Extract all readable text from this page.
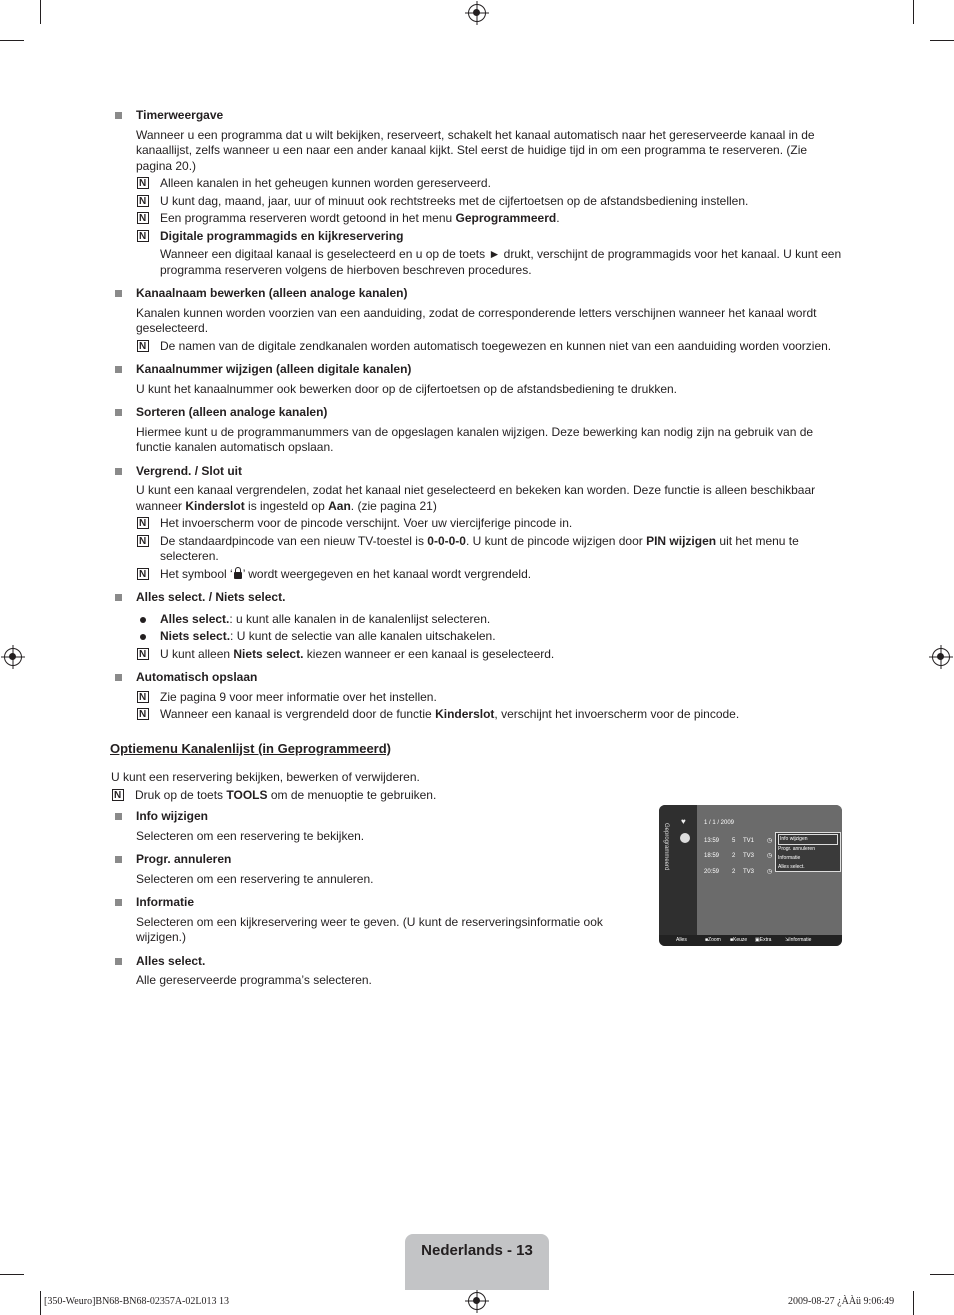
Timerweergave
Wanneer u een programma dat u wilt bekijken, reserveert, schakelt het kanaal automatisch naar het gereserveerde kanaal in de kanaallijst, zelfs wanneer u een naar een ander kanaal kijkt. Stel eerst de huidige tijd in om een programma te reserveren. (Zie pagina 20.)
N
Alleen kanalen in het geheugen kunnen worden gereserveerd.
N
U kunt dag, maand, jaar, uur of minuut ook rechtstreeks met de cijfertoetsen op de afstandsbediening instellen.
N
Een programma reserveren wordt getoond in het menu Geprogrammeerd.
N
Digitale programmagids en kijkreservering
Wanneer een digitaal kanaal is geselecteerd en u op de toets ► drukt, verschijnt de programmagids voor het kanaal. U kunt een programma reserveren volgens de hierboven beschreven procedures.
Kanaalnaam bewerken (alleen analoge kanalen)
Kanalen kunnen worden voorzien van een aanduiding, zodat de corresponderende letters verschijnen wanneer het kanaal wordt geselecteerd.
N
De namen van de digitale zendkanalen worden automatisch toegewezen en kunnen niet van een aanduiding worden voorzien.
Kanaalnummer wijzigen (alleen digitale kanalen)
U kunt het kanaalnummer ook bewerken door op de cijfertoetsen op de afstandsbediening te drukken.
Sorteren (alleen analoge kanalen)
Hiermee kunt u de programmanummers van de opgeslagen kanalen wijzigen. Deze bewerking kan nodig zijn na gebruik van de functie kanalen automatisch opslaan.
Vergrend. / Slot uit
U kunt een kanaal vergrendelen, zodat het kanaal niet geselecteerd en bekeken kan worden. Deze functie is alleen beschikbaar wanneer Kinderslot is ingesteld op Aan. (zie pagina 21)
N
Het invoerscherm voor de pincode verschijnt. Voer uw viercijferige pincode in.
N
De standaardpincode van een nieuw TV-toestel is 0-0-0-0. U kunt de pincode wijzigen door PIN wijzigen uit het menu te selecteren.
N
Het symbool ‘ ’ wordt weergegeven en het kanaal wordt vergrendeld.
Alles select. / Niets select.
Alles select.: u kunt alle kanalen in de kanalenlijst selecteren.
Niets select.: U kunt de selectie van alle kanalen uitschakelen.
N
U kunt alleen Niets select. kiezen wanneer er een kanaal is geselecteerd.
Automatisch opslaan
N
Zie pagina 9 voor meer informatie over het instellen.
N
Wanneer een kanaal is vergrendeld door de functie Kinderslot, verschijnt het invoerscherm voor de pincode.
Optiemenu Kanalenlijst (in Geprogrammeerd)
U kunt een reservering bekijken, bewerken of verwijderen.
N
Druk op de toets TOOLS om de menuoptie te gebruiken.
Info wijzigen
Selecteren om een reservering te bekijken.
Progr. annuleren
Selecteren om een reservering te annuleren.
Informatie
Selecteren om een kijkreservering weer te geven. (U kunt de reserveringsinformatie ook wijzigen.)
Alles select.
Alle gereserveerde programma’s selecteren.
Geprogrammeerd
♥	1 / 1 / 2009
13:59 5 TV1 ◷
18:59 2 TV3 ◷
20:59 2 TV3 ◷
Info wijzigen
Progr. annuleren
Informatie
Alles select.
Alles	■ Zoom ■ Keuze ▣ Extra	⇲ Informatie
Nederlands - 13
[350-Weuro]BN68-BN68-02357A-02L013 13	2009-08-27 ¿ÀÀü 9:06:49
